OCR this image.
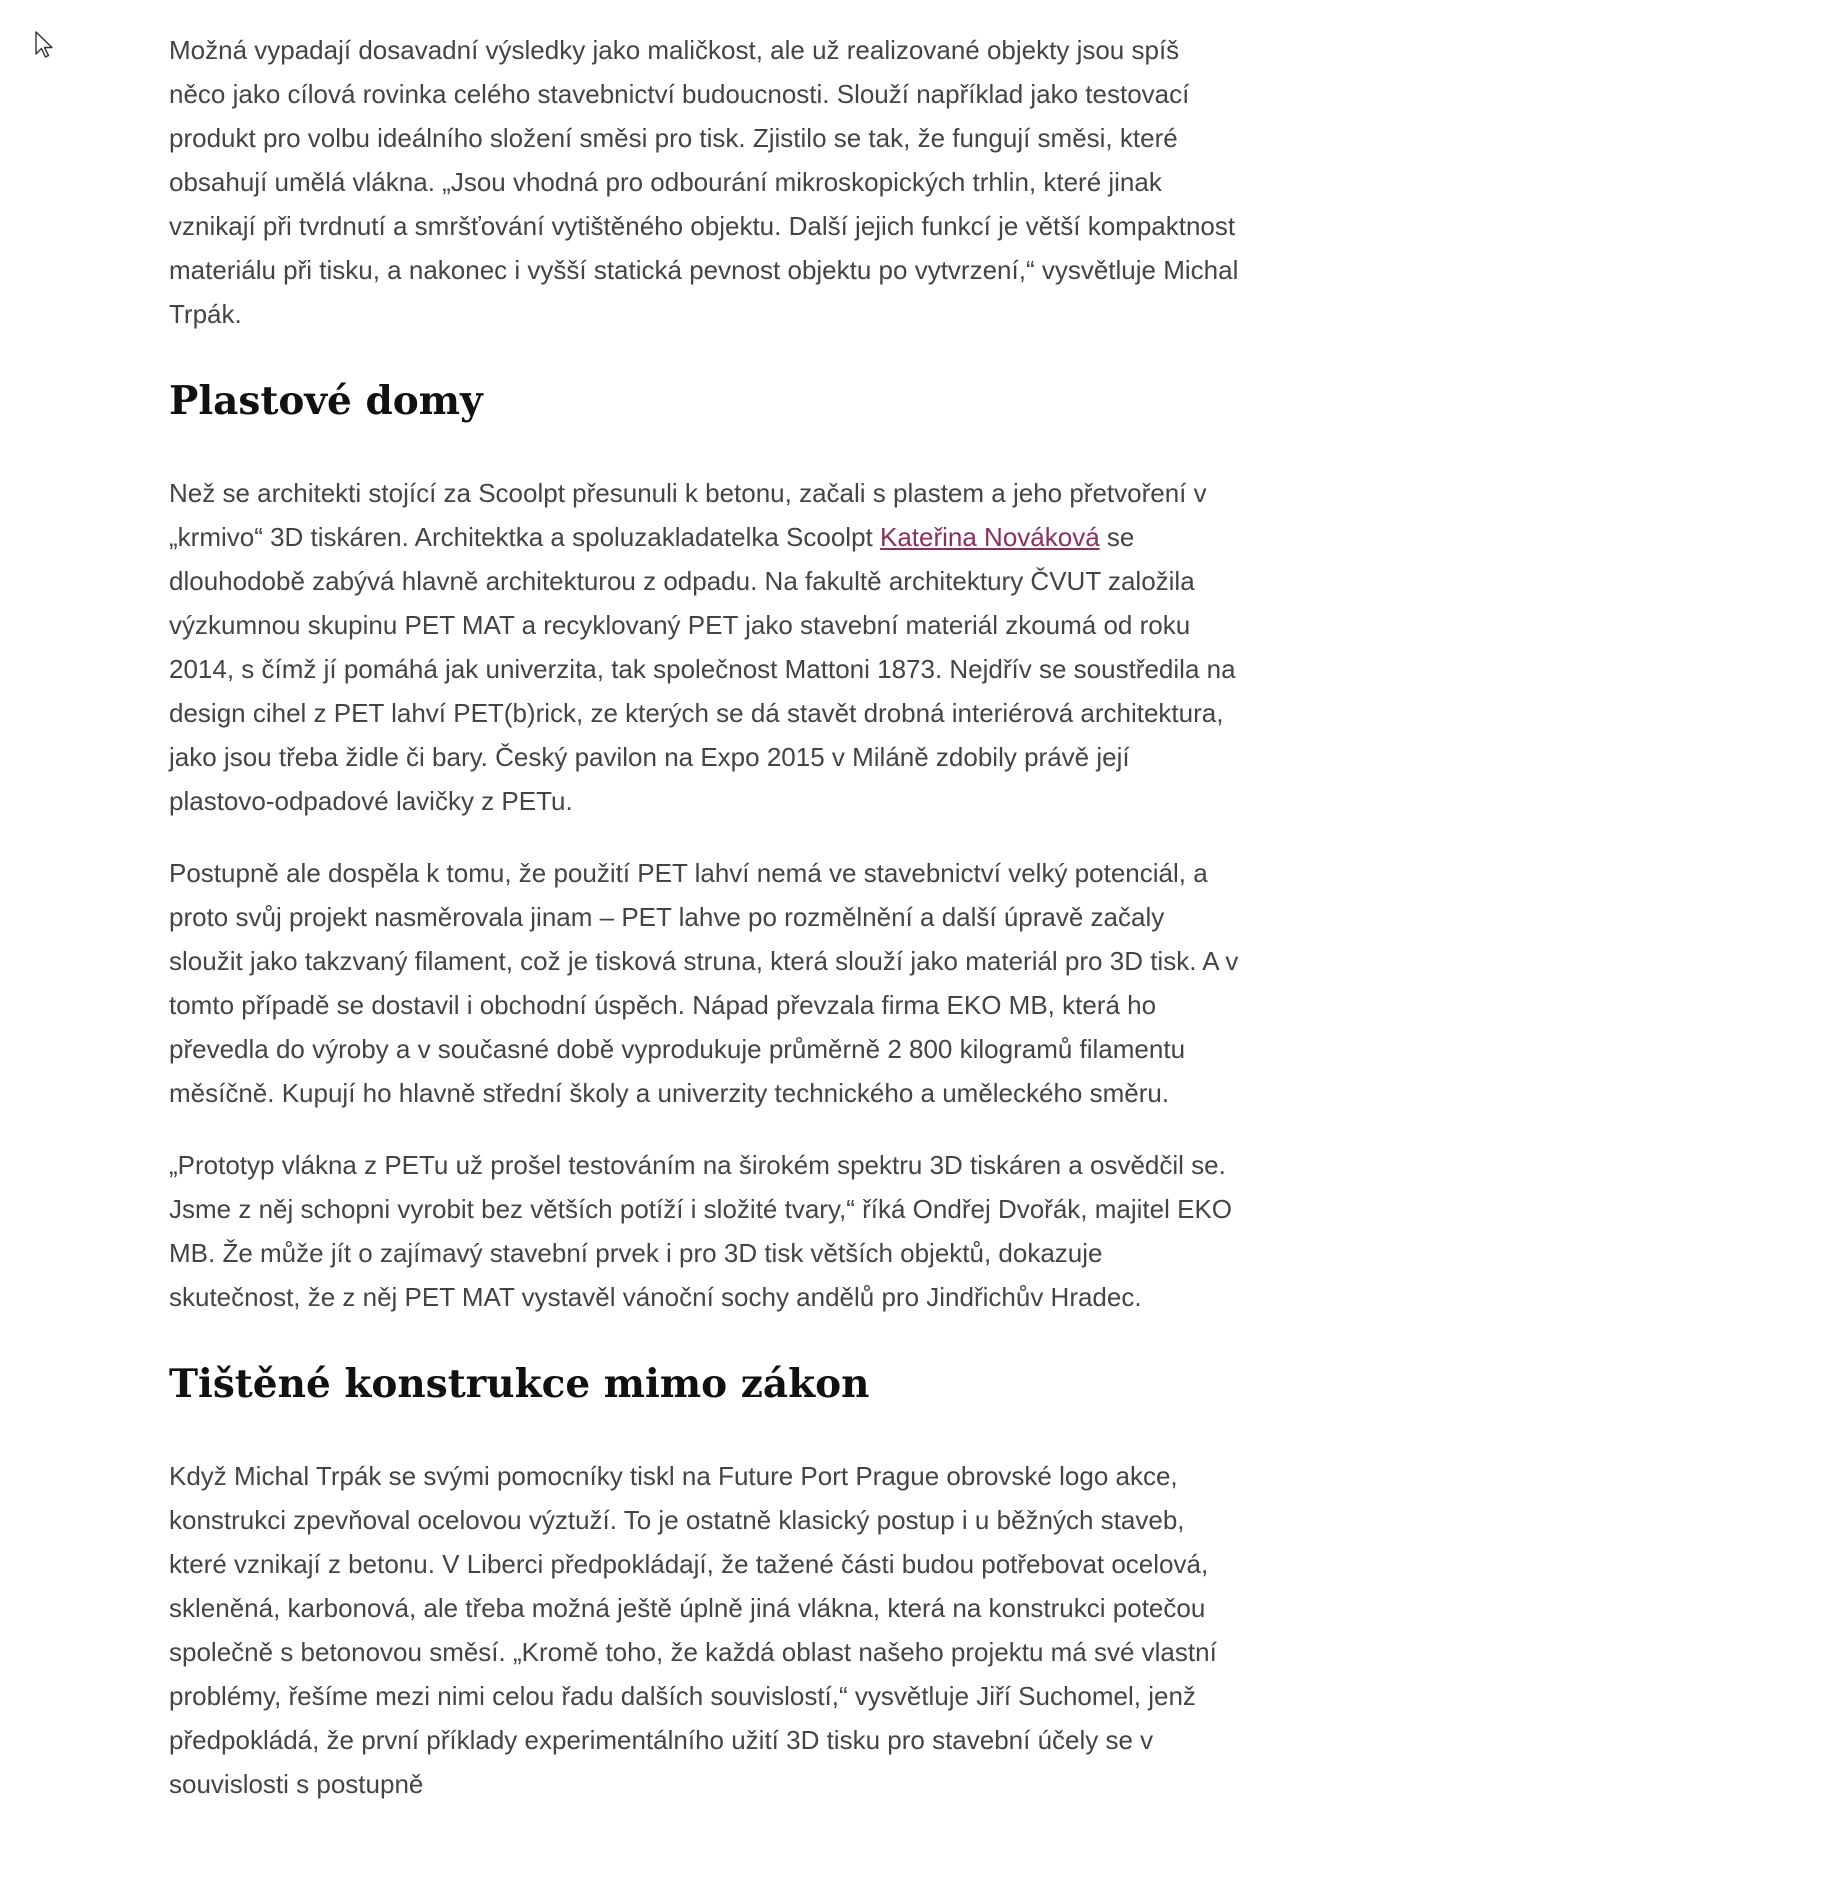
Možná vypadají dosavadní výsledky jako maličkost, ale už realizované objekty jsou spíš něco jako cílová rovinka celého stavebnictví budoucnosti. Slouží například jako testovací produkt pro volbu ideálního složení směsi pro tisk. Zjistilo se tak, že fungují směsi, které obsahují umělá vlákna. „Jsou vhodná pro odbourání mikroskopických trhlin, které jinak vznikají při tvrdnutí a smršťování vytištěného objektu. Další jejich funkcí je větší kompaktnost materiálu při tisku, a nakonec i vyšší statická pevnost objektu po vytvrzení,“ vysvětluje Michal Trpák.

Plastové domy

Než se architekti stojící za Scoolpt přesunuli k betonu, začali s plastem a jeho přetvoření v „krmivo“ 3D tiskáren. Architektka a spoluzakladatelka Scoolpt Kateřina Nováková se dlouhodobě zabývá hlavně architekturou z odpadu. Na fakultě architektury ČVUT založila výzkumnou skupinu PET MAT a recyklovaný PET jako stavební materiál zkoumá od roku 2014, s čímž jí pomáhá jak univerzita, tak společnost Mattoni 1873. Nejdřív se soustředila na design cihel z PET lahví PET(b)rick, ze kterých se dá stavět drobná interiérová architektura, jako jsou třeba židle či bary. Český pavilon na Expo 2015 v Miláně zdobily právě její plastovo-odpadové lavičky z PETu.

Postupně ale dospěla k tomu, že použití PET lahví nemá ve stavebnictví velký potenciál, a proto svůj projekt nasměrovala jinam – PET lahve po rozmělnění a další úpravě začaly sloužit jako takzvaný filament, což je tisková struna, která slouží jako materiál pro 3D tisk. A v tomto případě se dostavil i obchodní úspěch. Nápad převzala firma EKO MB, která ho převedla do výroby a v současné době vyprodukuje průměrně 2 800 kilogramů filamentu měsíčně. Kupují ho hlavně střední školy a univerzity technického a uměleckého směru.

„Prototyp vlákna z PETu už prošel testováním na širokém spektru 3D tiskáren a osvědčil se. Jsme z něj schopni vyrobit bez větších potíží i složité tvary,“ říká Ondřej Dvořák, majitel EKO MB. Že může jít o zajímavý stavební prvek i pro 3D tisk větších objektů, dokazuje skutečnost, že z něj PET MAT vystavěl vánoční sochy andělů pro Jindřichův Hradec.

Tištěné konstrukce mimo zákon

Když Michal Trpák se svými pomocníky tiskl na Future Port Prague obrovské logo akce, konstrukci zpevňoval ocelovou výztuží. To je ostatně klasický postup i u běžných staveb, které vznikají z betonu. V Liberci předpokládají, že tažené části budou potřebovat ocelová, skleněná, karbonová, ale třeba možná ještě úplně jiná vlákna, která na konstrukci potečou společně s betonovou směsí. „Kromě toho, že každá oblast našeho projektu má své vlastní problémy, řešíme mezi nimi celou řadu dalších souvislostí,“ vysvětluje Jiří Suchomel, jenž předpokládá, že první příklady experimentálního užití 3D tisku pro stavební účely se v souvislosti s postupně
